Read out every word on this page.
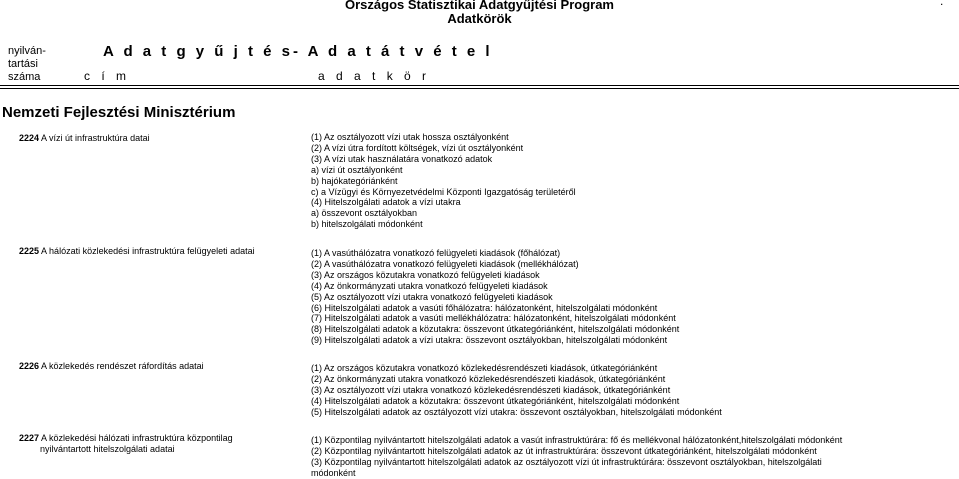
Országos Statisztikai Adatgyűjtési Program
Adatkörök
.
nyilván-
tartási
száma
A d a t g y ű j t é s
c í m
- A d a t á t v é t e l
a d a t k ö r
Nemzeti Fejlesztési Minisztérium
2224 A vízi út infrastruktúra datai	(1) Az osztályozott vízi utak hossza osztályonként
(2) A vízi útra fordított költségek, vízi út osztályonként
(3) A vízi utak használatára vonatkozó adatok
a) vízi út osztályonként
b) hajókategóriánként
c) a Vízügyi és Környezetvédelmi Központi Igazgatóság területéről
(4) Hitelszolgálati adatok a vízi utakra
a) összevont osztályokban
b) hitelszolgálati módonként
2225 A hálózati közlekedési infrastruktúra felügyeleti adatai	(1) A vasúthálózatra vonatkozó felügyeleti kiadások (főhálózat)
(2) A vasúthálózatra vonatkozó felügyeleti kiadások (mellékhálózat)
(3) Az országos közutakra vonatkozó felügyeleti kiadások
(4) Az önkormányzati utakra vonatkozó felügyeleti kiadások
(5) Az osztályozott vízi utakra vonatkozó felügyeleti kiadások
(6) Hitelszolgálati adatok a vasúti főhálózatra: hálózatonként, hitelszolgálati módonként
(7) Hitelszolgálati adatok a vasúti mellékhálózatra: hálózatonként, hitelszolgálati módonként
(8) Hitelszolgálati adatok a közutakra: összevont útkategóriánként, hitelszolgálati módonként
(9) Hitelszolgálati adatok a vízi utakra: összevont osztályokban, hitelszolgálati módonként
2226 A közlekedés rendészet ráfordítás adatai	(1) Az országos közutakra vonatkozó közlekedésrendészeti kiadások, útkategóriánként
(2) Az önkormányzati utakra vonatkozó közlekedésrendészeti kiadások, útkategóriánként
(3) Az osztályozott vízi utakra vonatkozó közlekedésrendészeti kiadások, útkategóriánként
(4) Hitelszolgálati adatok a közutakra: összevont útkategóriánként, hitelszolgálati módonként
(5) Hitelszolgálati adatok az osztályozott vízi utakra: összevont osztályokban, hitelszolgálati módonként
2227 A közlekedési hálózati infrastruktúra központilag
nyilvántartott hitelszolgálati adatai
(1) Központilag nyilvántartott hitelszolgálati adatok a vasút infrastruktúrára: fő és mellékvonal hálózatonként,hitelszolgálati módonként
(2) Központilag nyilvántartott hitelszolgálati adatok az út infrastruktúrára: összevont útkategóriánként, hitelszolgálati módonként
(3) Központilag nyilvántartott hitelszolgálati adatok az osztályozott vízi út infrastruktúrára: összevont osztályokban, hitelszolgálati
módonként
